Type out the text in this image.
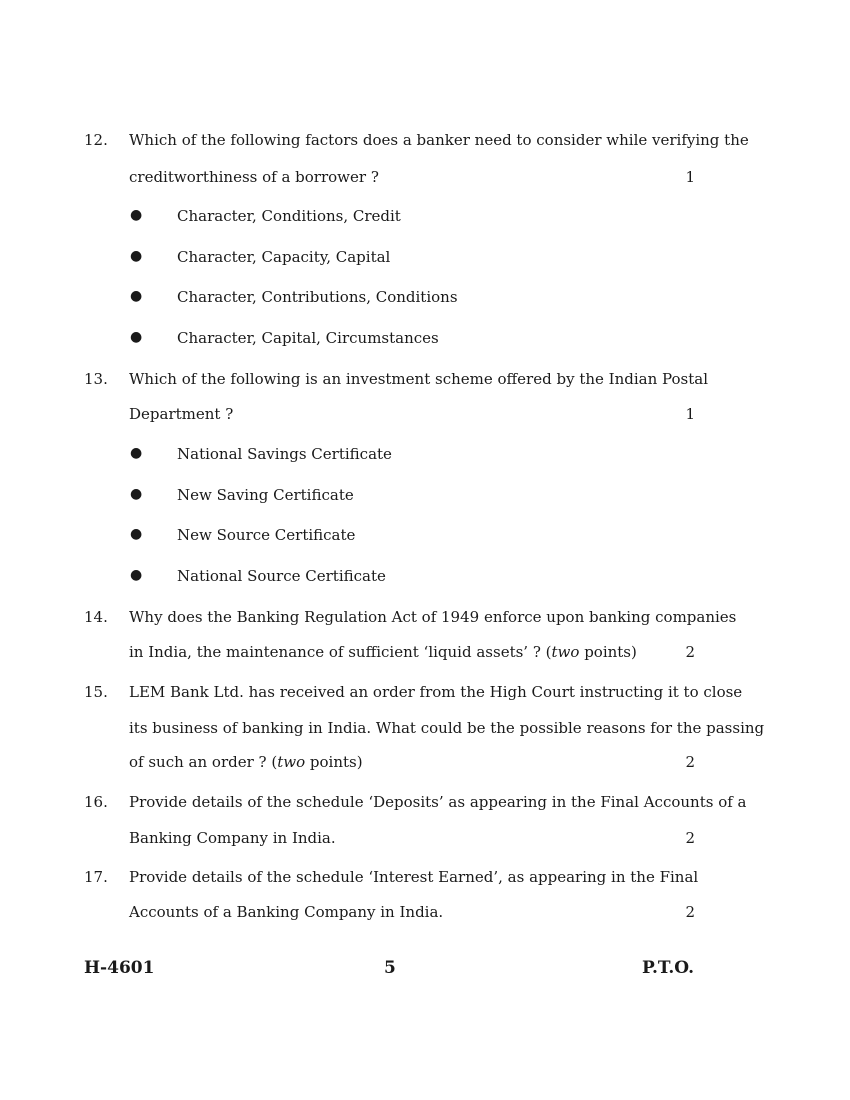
12. Which of the following factors does a banker need to consider while verifying the
creditworthiness of a borrower ?	1
● Character, Conditions, Credit
● Character, Capacity, Capital
● Character, Contributions, Conditions
● Character, Capital, Circumstances
13. Which of the following is an investment scheme offered by the Indian Postal
Department ?	1
● National Savings Certificate
● New Saving Certificate
● New Source Certificate
● National Source Certificate
14. Why does the Banking Regulation Act of 1949 enforce upon banking companies
in India, the maintenance of sufficient ‘liquid assets’ ? (two points)	2
15. LEM Bank Ltd. has received an order from the High Court instructing it to close
its business of banking in India. What could be the possible reasons for the passing
of such an order ? (two points)	2
16. Provide details of the schedule ‘Deposits’ as appearing in the Final Accounts of a
Banking Company in India.	2
17. Provide details of the schedule ‘Interest Earned’, as appearing in the Final
Accounts of a Banking Company in India.	2
H-4601	5	P.T.O.
